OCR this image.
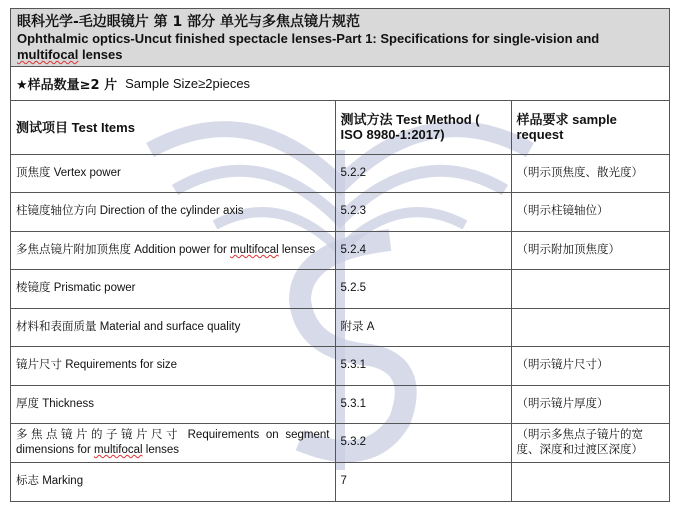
眼科光学-毛边眼镜片 第 1 部分 单光与多焦点镜片规范
Ophthalmic optics-Uncut finished spectacle lenses-Part 1: Specifications for single-vision and multifocal lenses
★样品数量≥2 片 Sample Size≥2pieces
测试项目 Test Items	测试方法 Test Method ( ISO 8980-1:2017)	样品要求 sample request
顶焦度 Vertex power	5.2.2	（明示顶焦度、散光度）
柱镜度轴位方向 Direction of the cylinder axis	5.2.3	（明示柱镜轴位）
多焦点镜片附加顶焦度 Addition power for multifocal lenses	5.2.4	（明示附加顶焦度）
棱镜度 Prismatic power	5.2.5	
材料和表面质量 Material and surface quality	附录 A	
镜片尺寸 Requirements for size	5.3.1	（明示镜片尺寸）
厚度 Thickness	5.3.1	（明示镜片厚度）
多焦点镜片的子镜片尺寸 Requirements on segment dimensions for multifocal lenses	5.3.2	（明示多焦点子镜片的宽度、深度和过渡区深度）
标志 Marking	7	
